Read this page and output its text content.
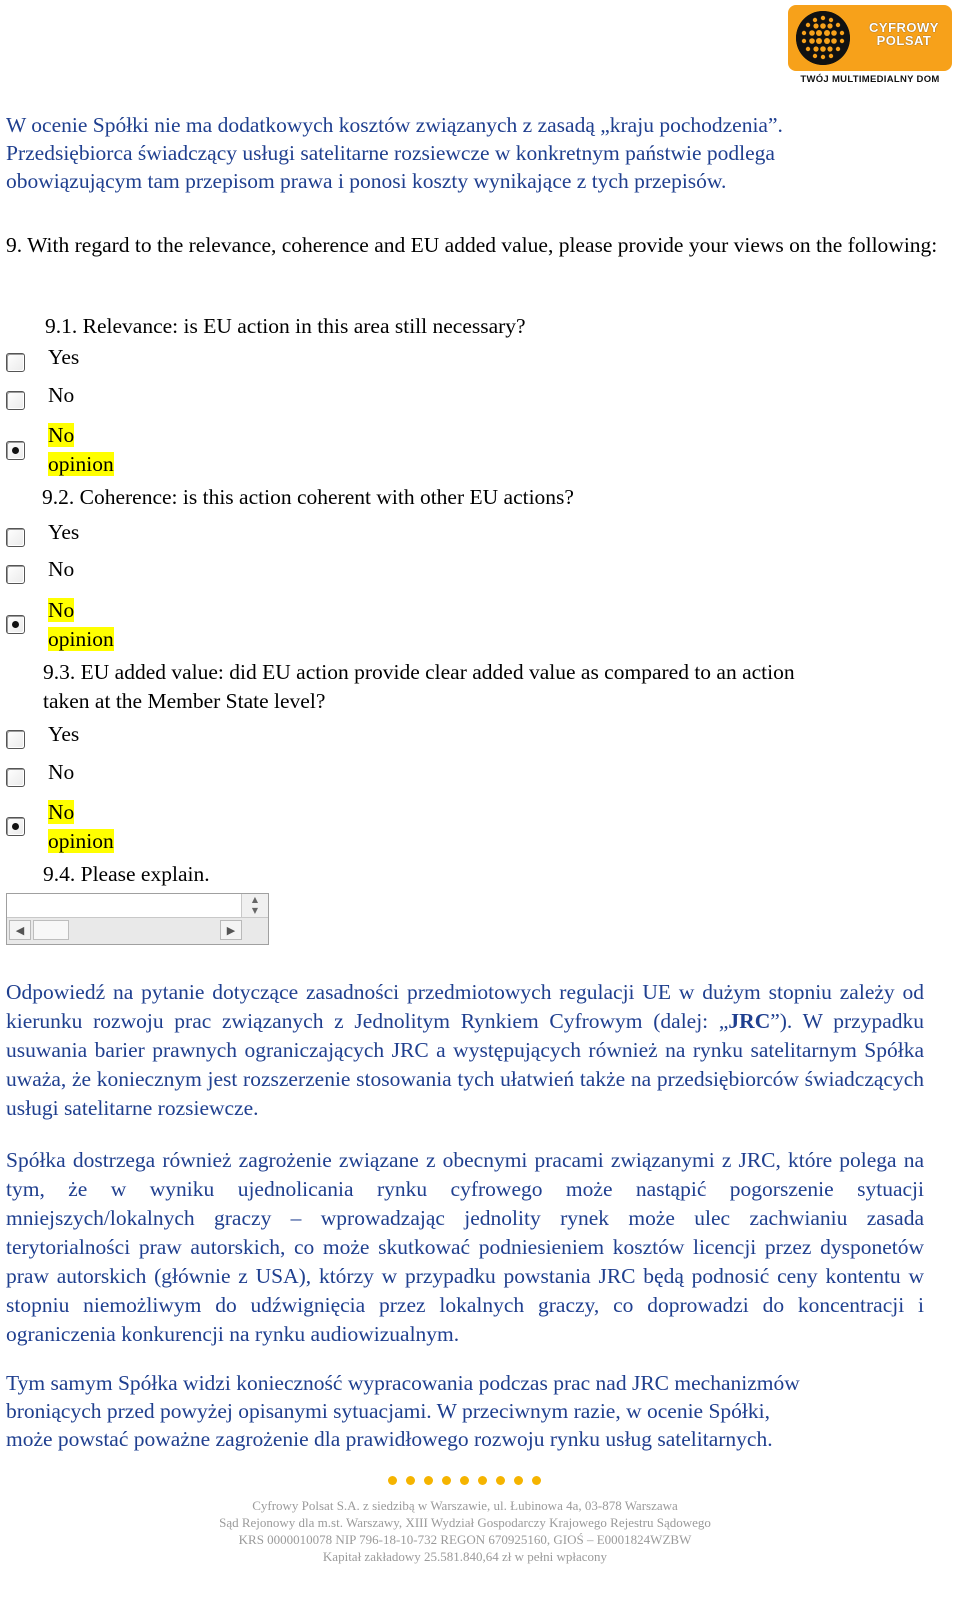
CYFROWY
POLSAT
TWÓJ MULTIMEDIALNY DOM
W ocenie Spółki nie ma dodatkowych kosztów związanych z zasadą „kraju pochodzenia”.
Przedsiębiorca świadczący usługi satelitarne rozsiewcze w konkretnym państwie podlega
obowiązującym tam przepisom prawa i ponosi koszty wynikające z tych przepisów.
9. With regard to the relevance, coherence and EU added value, please provide your views on the following:
9.1. Relevance: is EU action in this area still necessary?
Yes
No
No
opinion
9.2. Coherence: is this action coherent with other EU actions?
Yes
No
No
opinion
9.3. EU added value: did EU action provide clear added value as compared to an action
taken at the Member State level?
Yes
No
No
opinion
9.4. Please explain.
▲
▼
◀	▶
Odpowiedź na pytanie dotyczące zasadności przedmiotowych regulacji UE w dużym stopniu zależy od kierunku rozwoju prac związanych z Jednolitym Rynkiem Cyfrowym (dalej: „JRC”). W przypadku usuwania barier prawnych ograniczających JRC a występujących również na rynku satelitarnym Spółka uważa, że koniecznym jest rozszerzenie stosowania tych ułatwień także na przedsiębiorców świadczących usługi satelitarne rozsiewcze.
Spółka dostrzega również zagrożenie związane z obecnymi pracami związanymi z JRC, które polega na tym, że w wyniku ujednolicania rynku cyfrowego może nastąpić pogorszenie sytuacji mniejszych/lokalnych graczy – wprowadzając jednolity rynek może ulec zachwianiu zasada terytorialności praw autorskich, co może skutkować podniesieniem kosztów licencji przez dysponetów praw autorskich (głównie z USA), którzy w przypadku powstania JRC będą podnosić ceny kontentu w stopniu niemożliwym do udźwignięcia przez lokalnych graczy, co doprowadzi do koncentracji i ograniczenia konkurencji na rynku audiowizualnym.
Tym samym Spółka widzi konieczność wypracowania podczas prac nad JRC mechanizmów
broniących przed powyżej opisanymi sytuacjami. W przeciwnym razie, w ocenie Spółki,
może powstać poważne zagrożenie dla prawidłowego rozwoju rynku usług satelitarnych.
Cyfrowy Polsat S.A. z siedzibą w Warszawie, ul. Łubinowa 4a, 03-878 Warszawa
Sąd Rejonowy dla m.st. Warszawy, XIII Wydział Gospodarczy Krajowego Rejestru Sądowego
KRS 0000010078 NIP 796-18-10-732 REGON 670925160, GIOŚ – E0001824WZBW
Kapitał zakładowy 25.581.840,64 zł w pełni wpłacony
